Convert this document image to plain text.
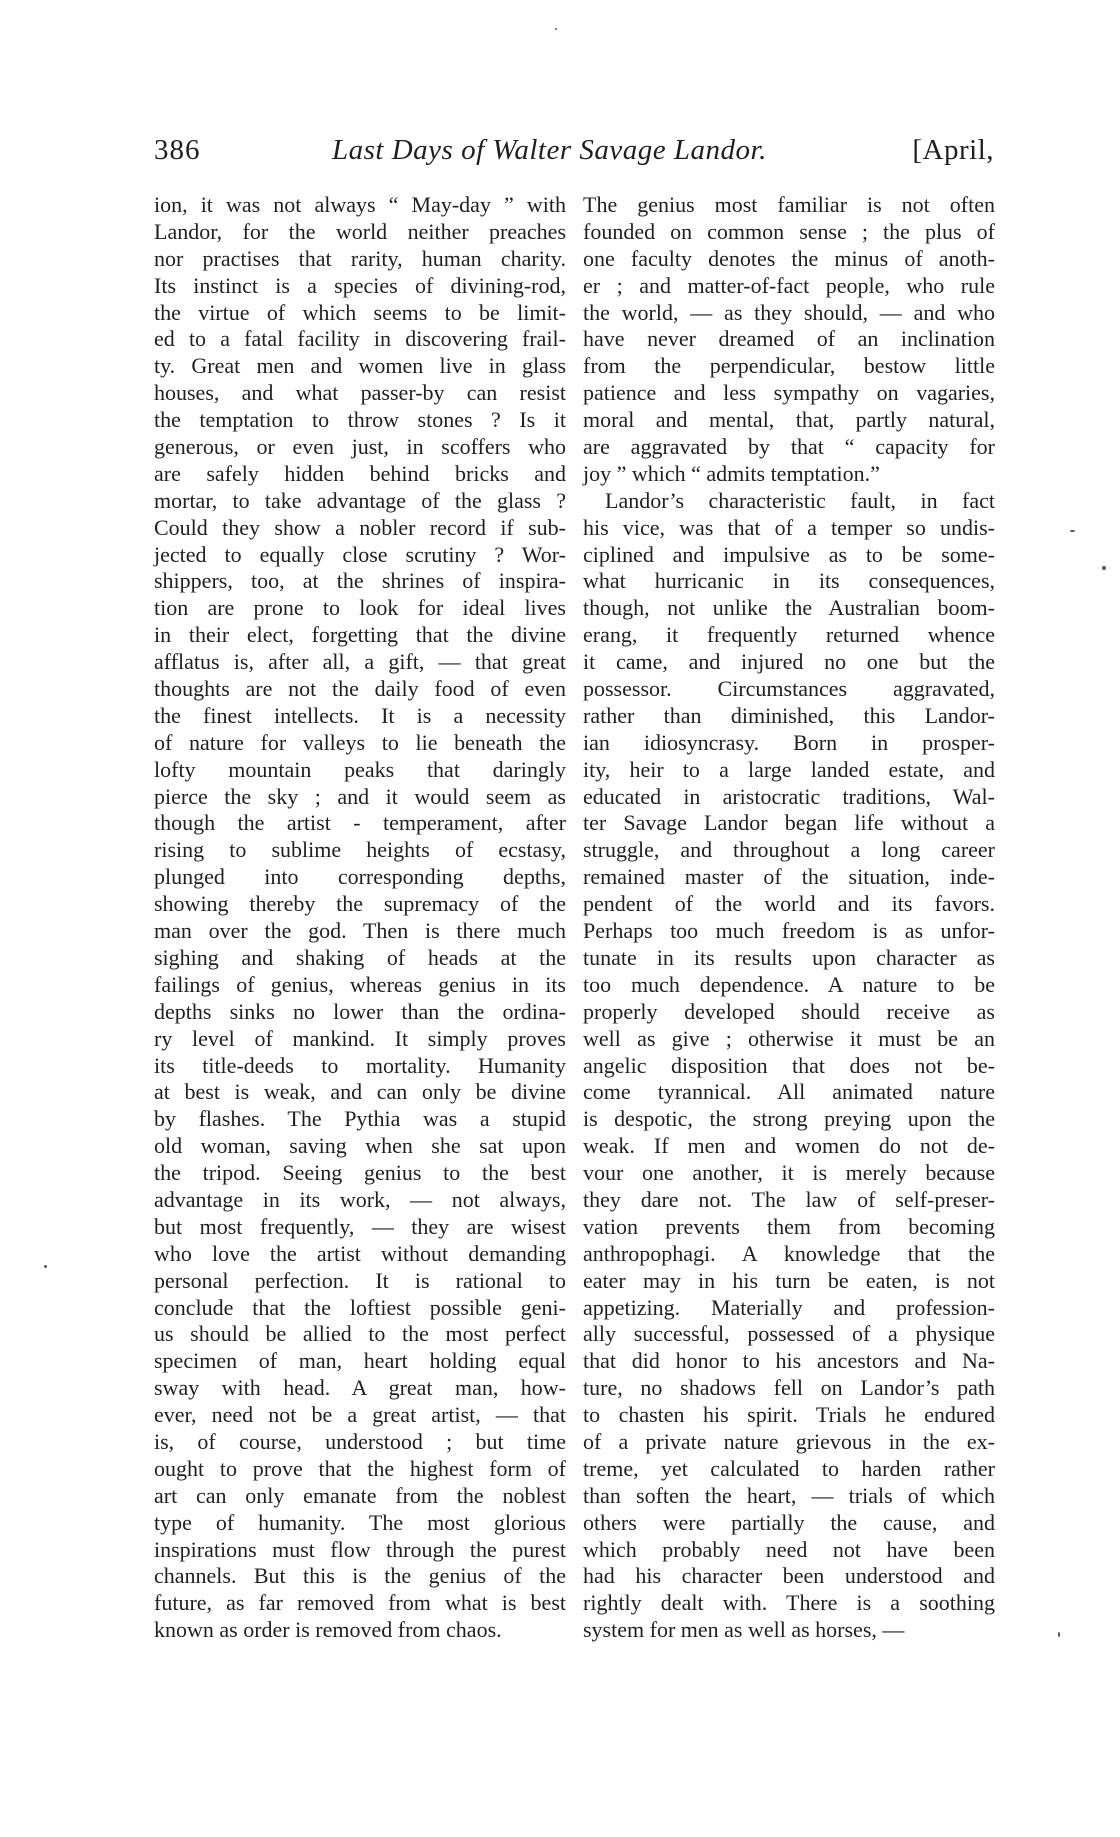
386	Last Days of Walter Savage Landor.	[April,
ion, it was not always “ May-day ” with
Landor, for the world neither preaches
nor practises that rarity, human charity.
Its instinct is a species of divining-rod,
the virtue of which seems to be limit-
ed to a fatal facility in discovering frail-
ty. Great men and women live in glass
houses, and what passer-by can resist
the temptation to throw stones ? Is it
generous, or even just, in scoffers who
are safely hidden behind bricks and
mortar, to take advantage of the glass ?
Could they show a nobler record if sub-
jected to equally close scrutiny ? Wor-
shippers, too, at the shrines of inspira-
tion are prone to look for ideal lives
in their elect, forgetting that the divine
afflatus is, after all, a gift, — that great
thoughts are not the daily food of even
the finest intellects. It is a necessity
of nature for valleys to lie beneath the
lofty mountain peaks that daringly
pierce the sky ; and it would seem as
though the artist - temperament, after
rising to sublime heights of ecstasy,
plunged into corresponding depths,
showing thereby the supremacy of the
man over the god. Then is there much
sighing and shaking of heads at the
failings of genius, whereas genius in its
depths sinks no lower than the ordina-
ry level of mankind. It simply proves
its title-deeds to mortality. Humanity
at best is weak, and can only be divine
by flashes. The Pythia was a stupid
old woman, saving when she sat upon
the tripod. Seeing genius to the best
advantage in its work, — not always,
but most frequently, — they are wisest
who love the artist without demanding
personal perfection. It is rational to
conclude that the loftiest possible geni-
us should be allied to the most perfect
specimen of man, heart holding equal
sway with head. A great man, how-
ever, need not be a great artist, — that
is, of course, understood ; but time
ought to prove that the highest form of
art can only emanate from the noblest
type of humanity. The most glorious
inspirations must flow through the purest
channels. But this is the genius of the
future, as far removed from what is best
known as order is removed from chaos.
The genius most familiar is not often
founded on common sense ; the plus of
one faculty denotes the minus of anoth-
er ; and matter-of-fact people, who rule
the world, — as they should, — and who
have never dreamed of an inclination
from the perpendicular, bestow little
patience and less sympathy on vagaries,
moral and mental, that, partly natural,
are aggravated by that “ capacity for
joy ” which “ admits temptation.”
Landor’s characteristic fault, in fact
his vice, was that of a temper so undis-
ciplined and impulsive as to be some-
what hurricanic in its consequences,
though, not unlike the Australian boom-
erang, it frequently returned whence
it came, and injured no one but the
possessor. Circumstances aggravated,
rather than diminished, this Landor-
ian idiosyncrasy. Born in prosper-
ity, heir to a large landed estate, and
educated in aristocratic traditions, Wal-
ter Savage Landor began life without a
struggle, and throughout a long career
remained master of the situation, inde-
pendent of the world and its favors.
Perhaps too much freedom is as unfor-
tunate in its results upon character as
too much dependence. A nature to be
properly developed should receive as
well as give ; otherwise it must be an
angelic disposition that does not be-
come tyrannical. All animated nature
is despotic, the strong preying upon the
weak. If men and women do not de-
vour one another, it is merely because
they dare not. The law of self-preser-
vation prevents them from becoming
anthropophagi. A knowledge that the
eater may in his turn be eaten, is not
appetizing. Materially and profession-
ally successful, possessed of a physique
that did honor to his ancestors and Na-
ture, no shadows fell on Landor’s path
to chasten his spirit. Trials he endured
of a private nature grievous in the ex-
treme, yet calculated to harden rather
than soften the heart, — trials of which
others were partially the cause, and
which probably need not have been
had his character been understood and
rightly dealt with. There is a soothing
system for men as well as horses, —
